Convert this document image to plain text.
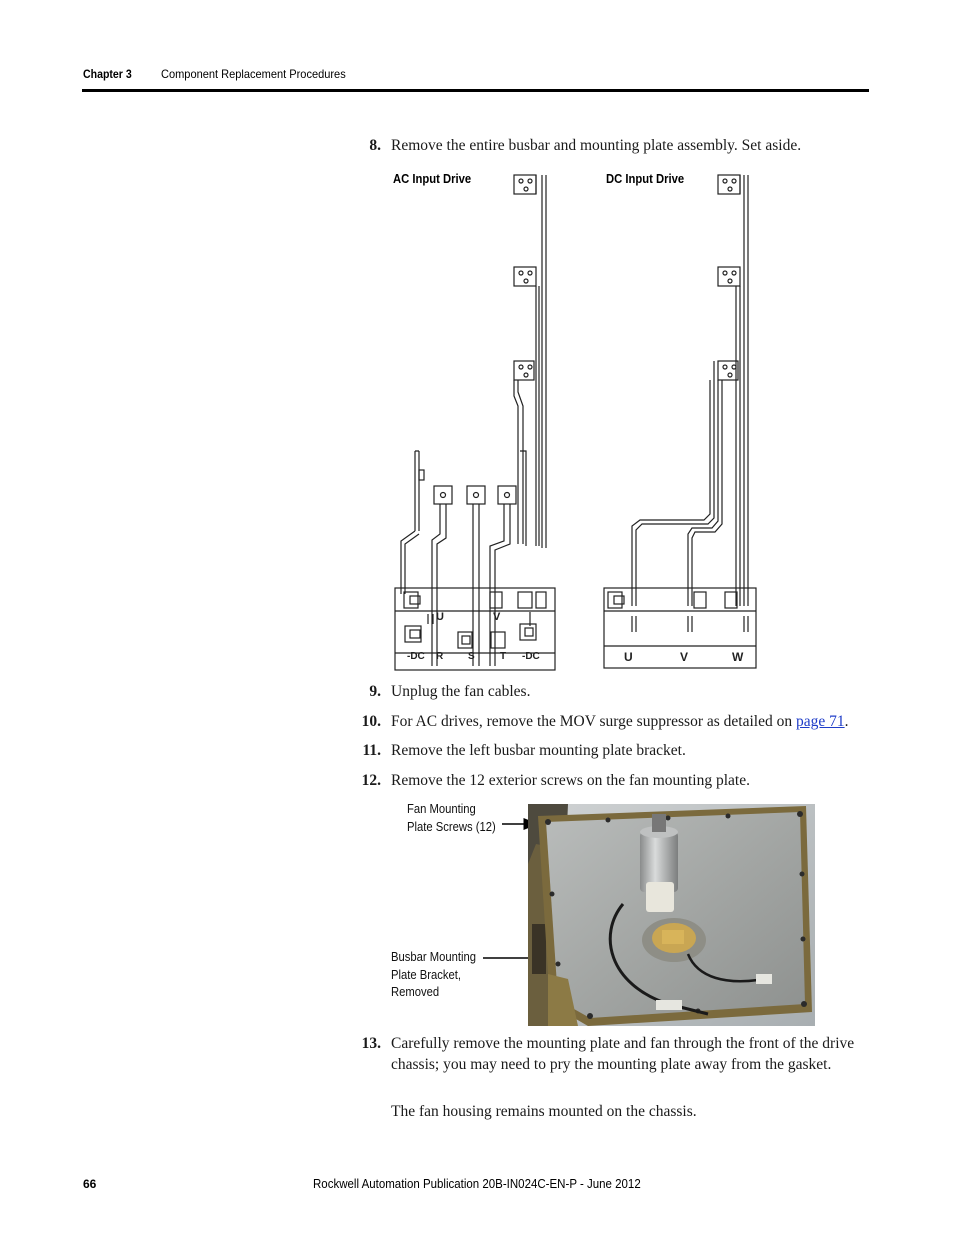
Chapter 3 Component Replacement Procedures
8. Remove the entire busbar and mounting plate assembly. Set aside.
AC Input Drive	DC Input Drive
-DC R S	T -DC
U	V
U	V	W
9. Unplug the fan cables.
10. For AC drives, remove the MOV surge suppressor as detailed on page 71.
11. Remove the left busbar mounting plate bracket.
12. Remove the 12 exterior screws on the fan mounting plate.
Fan Mounting
Plate Screws (12)
Busbar Mounting
Plate Bracket,
Removed
13. Carefully remove the mounting plate and fan through the front of the drive chassis; you may need to pry the mounting plate away from the gasket.
The fan housing remains mounted on the chassis.
66	Rockwell Automation Publication 20B-IN024C-EN-P - June 2012
